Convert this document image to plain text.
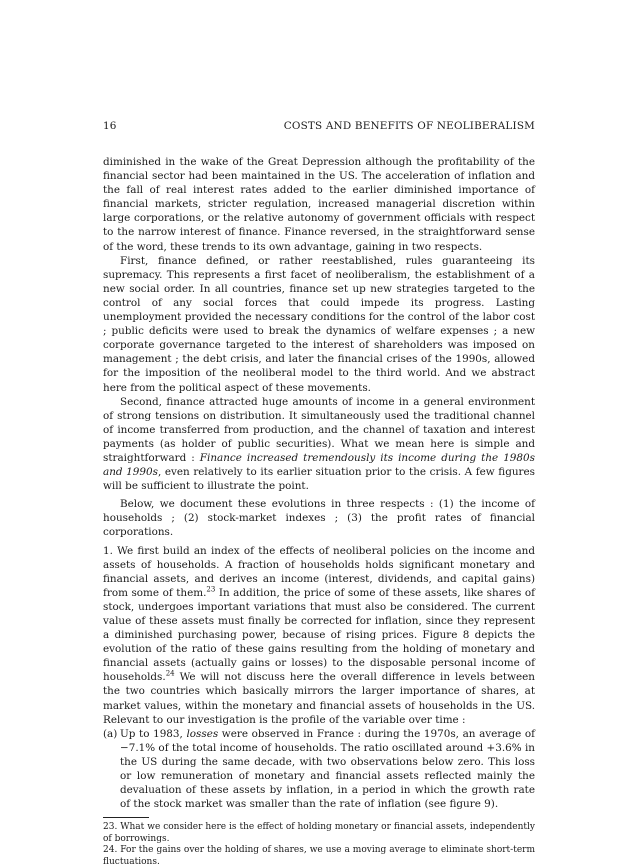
16	COSTS AND BENEFITS OF NEOLIBERALISM

diminished in the wake of the Great Depression although the profitability of the financial sector had been maintained in the US. The acceleration of inflation and the fall of real interest rates added to the earlier diminished importance of financial markets, stricter regulation, increased managerial discretion within large corporations, or the relative autonomy of government officials with respect to the narrow interest of finance. Finance reversed, in the straightforward sense of the word, these trends to its own advantage, gaining in two respects.

First, finance defined, or rather reestablished, rules guaranteeing its supremacy. This represents a first facet of neoliberalism, the establishment of a new social order. In all countries, finance set up new strategies targeted to the control of any social forces that could impede its progress. Lasting unemployment provided the necessary conditions for the control of the labor cost ; public deficits were used to break the dynamics of welfare expenses ; a new corporate governance targeted to the interest of shareholders was imposed on management ; the debt crisis, and later the financial crises of the 1990s, allowed for the imposition of the neoliberal model to the third world. And we abstract here from the political aspect of these movements.

Second, finance attracted huge amounts of income in a general environment of strong tensions on distribution. It simultaneously used the traditional channel of income transferred from production, and the channel of taxation and interest payments (as holder of public securities). What we mean here is simple and straightforward : Finance increased tremendously its income during the 1980s and 1990s, even relatively to its earlier situation prior to the crisis. A few figures will be sufficient to illustrate the point.

Below, we document these evolutions in three respects : (1) the income of households ; (2) stock-market indexes ; (3) the profit rates of financial corporations.

1. We first build an index of the effects of neoliberal policies on the income and assets of households. A fraction of households holds significant monetary and financial assets, and derives an income (interest, dividends, and capital gains) from some of them.$^{23}$ In addition, the price of some of these assets, like shares of stock, undergoes important variations that must also be considered. The current value of these assets must finally be corrected for inflation, since they represent a diminished purchasing power, because of rising prices. Figure 8 depicts the evolution of the ratio of these gains resulting from the holding of monetary and financial assets (actually gains or losses) to the disposable personal income of households.$^{24}$ We will not discuss here the overall difference in levels between the two countries which basically mirrors the larger importance of shares, at market values, within the monetary and financial assets of households in the US. Relevant to our investigation is the profile of the variable over time :

(a) Up to 1983, losses were observed in France : during the 1970s, an average of −7.1% of the total income of households. The ratio oscillated around +3.6% in the US during the same decade, with two observations below zero. This loss or low remuneration of monetary and financial assets reflected mainly the devaluation of these assets by inflation, in a period in which the growth rate of the stock market was smaller than the rate of inflation (see figure 9).

23. What we consider here is the effect of holding monetary or financial assets, independently of borrowings.

24. For the gains over the holding of shares, we use a moving average to eliminate short-term fluctuations.
